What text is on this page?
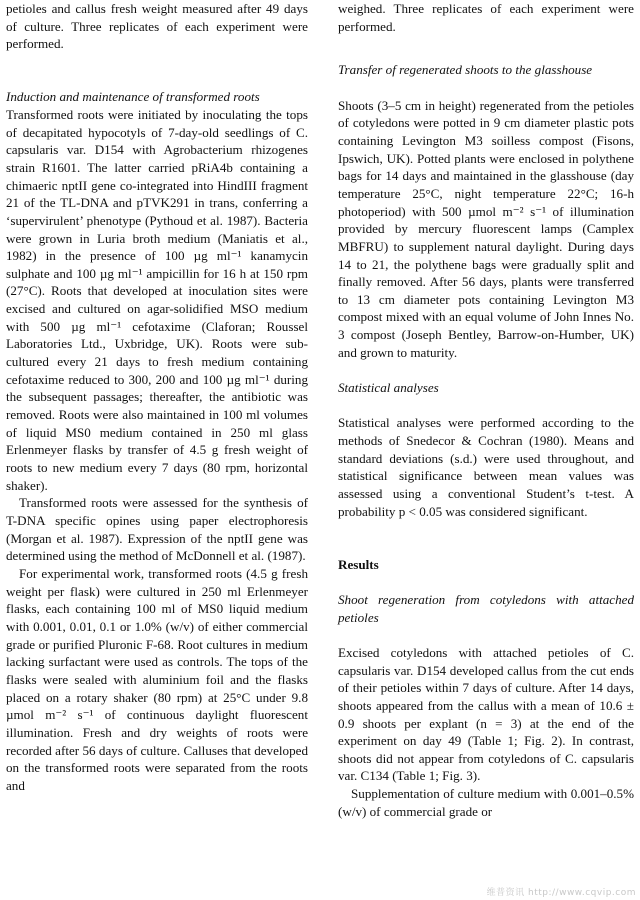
petioles and callus fresh weight measured after 49 days of culture. Three replicates of each experiment were performed.

Induction and maintenance of transformed roots

Transformed roots were initiated by inoculating the tops of decapitated hypocotyls of 7-day-old seedlings of C. capsularis var. D154 with Agrobacterium rhizogenes strain R1601. The latter carried pRiA4b containing a chimaeric nptII gene co-integrated into HindIII fragment 21 of the TL-DNA and pTVK291 in trans, conferring a ‘supervirulent’ phenotype (Pythoud et al. 1987). Bacteria were grown in Luria broth medium (Maniatis et al., 1982) in the presence of 100 µg ml⁻¹ kanamycin sulphate and 100 µg ml⁻¹ ampicillin for 16 h at 150 rpm (27°C). Roots that developed at inoculation sites were excised and cultured on agar-solidified MSO medium with 500 µg ml⁻¹ cefotaxime (Claforan; Roussel Laboratories Ltd., Uxbridge, UK). Roots were sub-cultured every 21 days to fresh medium containing cefotaxime reduced to 300, 200 and 100 µg ml⁻¹ during the subsequent passages; thereafter, the antibiotic was removed. Roots were also maintained in 100 ml volumes of liquid MS0 medium contained in 250 ml glass Erlenmeyer flasks by transfer of 4.5 g fresh weight of roots to new medium every 7 days (80 rpm, horizontal shaker).

Transformed roots were assessed for the synthesis of T-DNA specific opines using paper electrophoresis (Morgan et al. 1987). Expression of the nptII gene was determined using the method of McDonnell et al. (1987).

For experimental work, transformed roots (4.5 g fresh weight per flask) were cultured in 250 ml Erlenmeyer flasks, each containing 100 ml of MS0 liquid medium with 0.001, 0.01, 0.1 or 1.0% (w/v) of either commercial grade or purified Pluronic F-68. Root cultures in medium lacking surfactant were used as controls. The tops of the flasks were sealed with aluminium foil and the flasks placed on a rotary shaker (80 rpm) at 25°C under 9.8 µmol m⁻² s⁻¹ of continuous daylight fluorescent illumination. Fresh and dry weights of roots were recorded after 56 days of culture. Calluses that developed on the transformed roots were separated from the roots and

weighed. Three replicates of each experiment were performed.

Transfer of regenerated shoots to the glasshouse

Shoots (3–5 cm in height) regenerated from the petioles of cotyledons were potted in 9 cm diameter plastic pots containing Levington M3 soilless compost (Fisons, Ipswich, UK). Potted plants were enclosed in polythene bags for 14 days and maintained in the glasshouse (day temperature 25°C, night temperature 22°C; 16-h photoperiod) with 500 µmol m⁻² s⁻¹ of illumination provided by mercury fluorescent lamps (Camplex MBFRU) to supplement natural daylight. During days 14 to 21, the polythene bags were gradually split and finally removed. After 56 days, plants were transferred to 13 cm diameter pots containing Levington M3 compost mixed with an equal volume of John Innes No. 3 compost (Joseph Bentley, Barrow-on-Humber, UK) and grown to maturity.

Statistical analyses

Statistical analyses were performed according to the methods of Snedecor & Cochran (1980). Means and standard deviations (s.d.) were used throughout, and statistical significance between mean values was assessed using a conventional Student’s t-test. A probability p < 0.05 was considered significant.

Results

Shoot regeneration from cotyledons with attached petioles

Excised cotyledons with attached petioles of C. capsularis var. D154 developed callus from the cut ends of their petioles within 7 days of culture. After 14 days, shoots appeared from the callus with a mean of 10.6 ± 0.9 shoots per explant (n = 3) at the end of the experiment on day 49 (Table 1; Fig. 2). In contrast, shoots did not appear from cotyledons of C. capsularis var. C134 (Table 1; Fig. 3).

Supplementation of culture medium with 0.001–0.5% (w/v) of commercial grade or

维普资讯 http://www.cqvip.com
